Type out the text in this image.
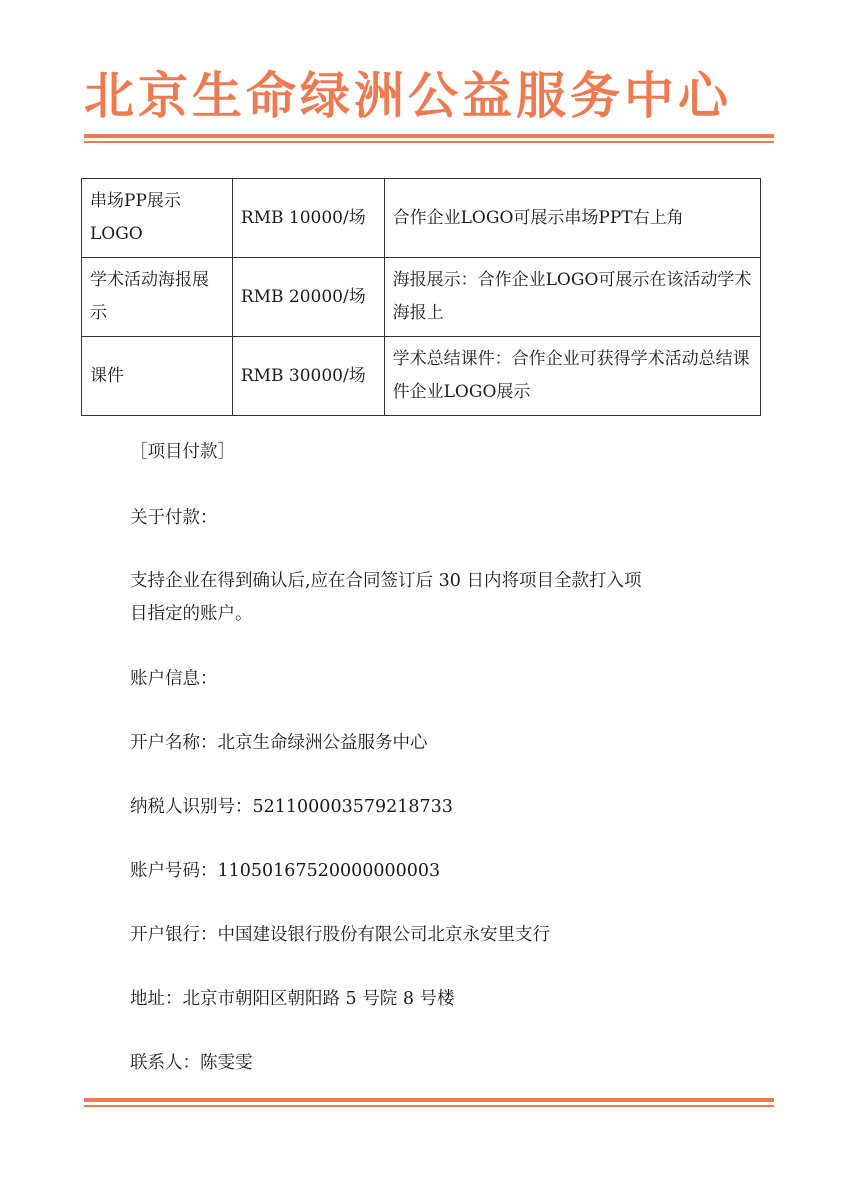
北京生命绿洲公益服务中心
串场PP展示LOGO	RMB 10000/场	合作企业LOGO可展示串场PPT右上角
学术活动海报展示	RMB 20000/场	海报展示：合作企业LOGO可展示在该活动学术海报上
课件	RMB 30000/场	学术总结课件：合作企业可获得学术活动总结课件企业LOGO展示
［项目付款］
关于付款：
支持企业在得到确认后,应在合同签订后 30 日内将项目全款打入项
目指定的账户。
账户信息：
开户名称：北京生命绿洲公益服务中心
纳税人识别号：521100003579218733
账户号码：11050167520000000003
开户银行：中国建设银行股份有限公司北京永安里支行
地址：北京市朝阳区朝阳路 5 号院 8 号楼
联系人：陈雯雯
